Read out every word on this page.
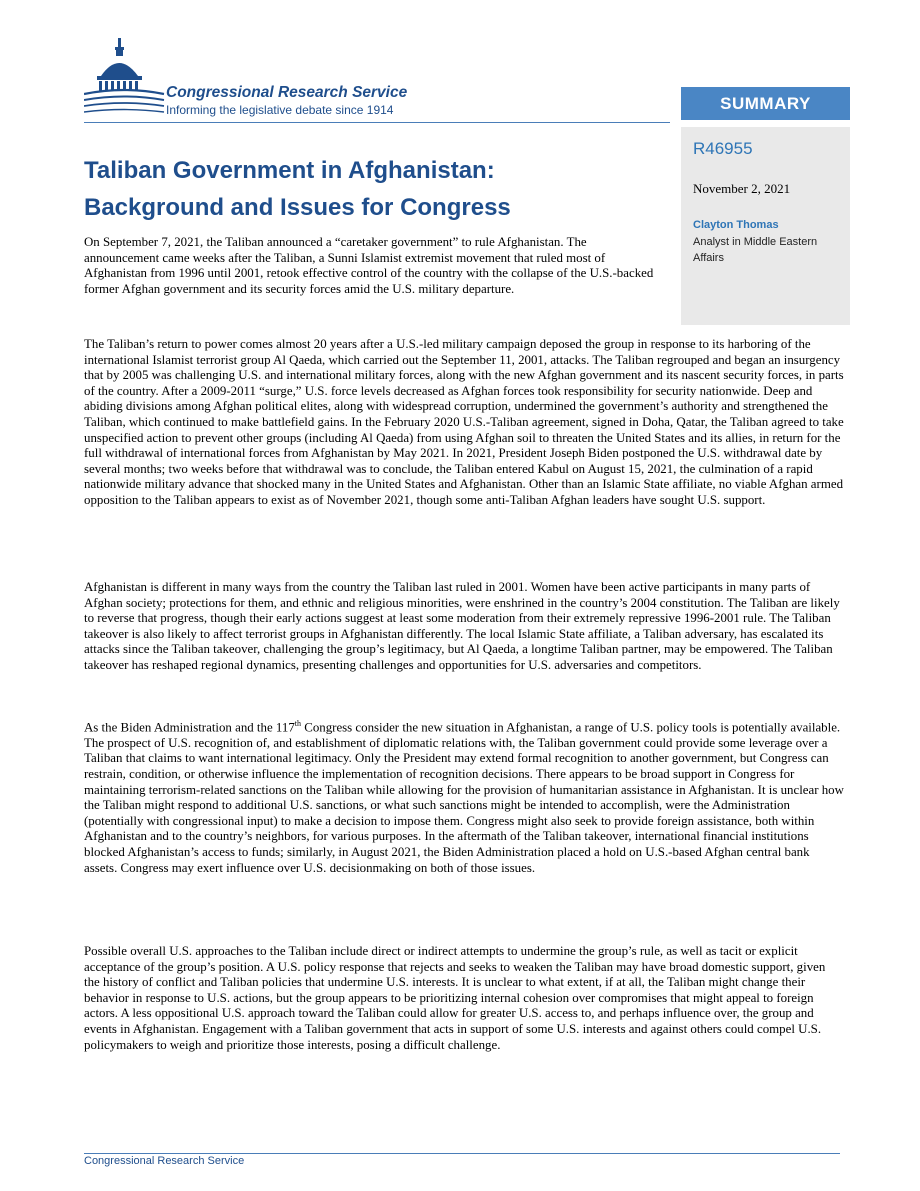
Congressional Research Service
Informing the legislative debate since 1914	SUMMARY
R46955
November 2, 2021
Clayton Thomas
Analyst in Middle Eastern Affairs
Taliban Government in Afghanistan:
Background and Issues for Congress

On September 7, 2021, the Taliban announced a “caretaker government” to rule Afghanistan. The announcement came weeks after the Taliban, a Sunni Islamist extremist movement that ruled most of Afghanistan from 1996 until 2001, retook effective control of the country with the collapse of the U.S.-backed former Afghan government and its security forces amid the U.S. military departure.

The Taliban’s return to power comes almost 20 years after a U.S.-led military campaign deposed the group in response to its harboring of the international Islamist terrorist group Al Qaeda, which carried out the September 11, 2001, attacks. The Taliban regrouped and began an insurgency that by 2005 was challenging U.S. and international military forces, along with the new Afghan government and its nascent security forces, in parts of the country. After a 2009-2011 “surge,” U.S. force levels decreased as Afghan forces took responsibility for security nationwide. Deep and abiding divisions among Afghan political elites, along with widespread corruption, undermined the government’s authority and strengthened the Taliban, which continued to make battlefield gains. In the February 2020 U.S.-Taliban agreement, signed in Doha, Qatar, the Taliban agreed to take unspecified action to prevent other groups (including Al Qaeda) from using Afghan soil to threaten the United States and its allies, in return for the full withdrawal of international forces from Afghanistan by May 2021. In 2021, President Joseph Biden postponed the U.S. withdrawal date by several months; two weeks before that withdrawal was to conclude, the Taliban entered Kabul on August 15, 2021, the culmination of a rapid nationwide military advance that shocked many in the United States and Afghanistan. Other than an Islamic State affiliate, no viable Afghan armed opposition to the Taliban appears to exist as of November 2021, though some anti-Taliban Afghan leaders have sought U.S. support.

Afghanistan is different in many ways from the country the Taliban last ruled in 2001. Women have been active participants in many parts of Afghan society; protections for them, and ethnic and religious minorities, were enshrined in the country’s 2004 constitution. The Taliban are likely to reverse that progress, though their early actions suggest at least some moderation from their extremely repressive 1996-2001 rule. The Taliban takeover is also likely to affect terrorist groups in Afghanistan differently. The local Islamic State affiliate, a Taliban adversary, has escalated its attacks since the Taliban takeover, challenging the group’s legitimacy, but Al Qaeda, a longtime Taliban partner, may be empowered. The Taliban takeover has reshaped regional dynamics, presenting challenges and opportunities for U.S. adversaries and competitors.

As the Biden Administration and the 117th Congress consider the new situation in Afghanistan, a range of U.S. policy tools is potentially available. The prospect of U.S. recognition of, and establishment of diplomatic relations with, the Taliban government could provide some leverage over a Taliban that claims to want international legitimacy. Only the President may extend formal recognition to another government, but Congress can restrain, condition, or otherwise influence the implementation of recognition decisions. There appears to be broad support in Congress for maintaining terrorism-related sanctions on the Taliban while allowing for the provision of humanitarian assistance in Afghanistan. It is unclear how the Taliban might respond to additional U.S. sanctions, or what such sanctions might be intended to accomplish, were the Administration (potentially with congressional input) to make a decision to impose them. Congress might also seek to provide foreign assistance, both within Afghanistan and to the country’s neighbors, for various purposes. In the aftermath of the Taliban takeover, international financial institutions blocked Afghanistan’s access to funds; similarly, in August 2021, the Biden Administration placed a hold on U.S.-based Afghan central bank assets. Congress may exert influence over U.S. decisionmaking on both of those issues.

Possible overall U.S. approaches to the Taliban include direct or indirect attempts to undermine the group’s rule, as well as tacit or explicit acceptance of the group’s position. A U.S. policy response that rejects and seeks to weaken the Taliban may have broad domestic support, given the history of conflict and Taliban policies that undermine U.S. interests. It is unclear to what extent, if at all, the Taliban might change their behavior in response to U.S. actions, but the group appears to be prioritizing internal cohesion over compromises that might appeal to foreign actors. A less oppositional U.S. approach toward the Taliban could allow for greater U.S. access to, and perhaps influence over, the group and events in Afghanistan. Engagement with a Taliban government that acts in support of some U.S. interests and against others could compel U.S. policymakers to weigh and prioritize those interests, posing a difficult challenge.

Congressional Research Service
